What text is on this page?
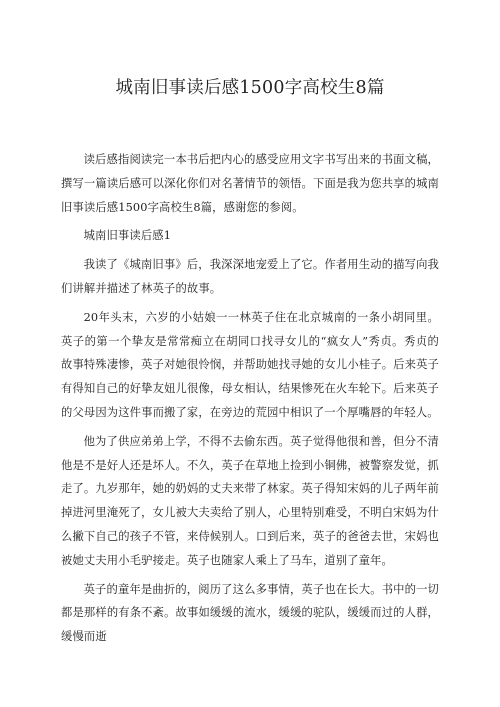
城南旧事读后感1500字高校生8篇

读后感指阅读完一本书后把内心的感受应用文字书写出来的书面文稿，撰写一篇读后感可以深化你们对名著情节的领悟。下面是我为您共享的城南旧事读后感1500字高校生8篇，感谢您的参阅。

城南旧事读后感1

我读了《城南旧事》后，我深深地宠爱上了它。作者用生动的描写向我们讲解并描述了林英子的故事。

20年头末，六岁的小姑娘一一林英子住在北京城南的一条小胡同里。英子的第一个挚友是常常痴立在胡同口找寻女儿的“疯女人”秀贞。秀贞的故事特殊凄惨，英子对她很怜悯，并帮助她找寻她的女儿小桂子。后来英子有得知自己的好挚友妞儿很像，母女相认，结果惨死在火车轮下。后来英子的父母因为这件事而搬了家，在旁边的荒园中相识了一个厚嘴唇的年轻人。

他为了供应弟弟上学，不得不去偷东西。英子觉得他很和善，但分不清他是不是好人还是坏人。不久，英子在草地上捡到小铜佛，被警察发觉，抓走了。九岁那年，她的奶妈的丈夫来带了林家。英子得知宋妈的儿子两年前掉进河里淹死了，女儿被大夫卖给了别人，心里特别难受，不明白宋妈为什么撇下自己的孩子不管，来侍候别人。口到后来，英子的爸爸去世，宋妈也被她丈夫用小毛驴接走。英子也随家人乘上了马车，道别了童年。

英子的童年是曲折的，阅历了这么多事情，英子也在长大。书中的一切都是那样的有条不紊。故事如缓缓的流水，缓缓的驼队，缓缓而过的人群，缓慢而逝
